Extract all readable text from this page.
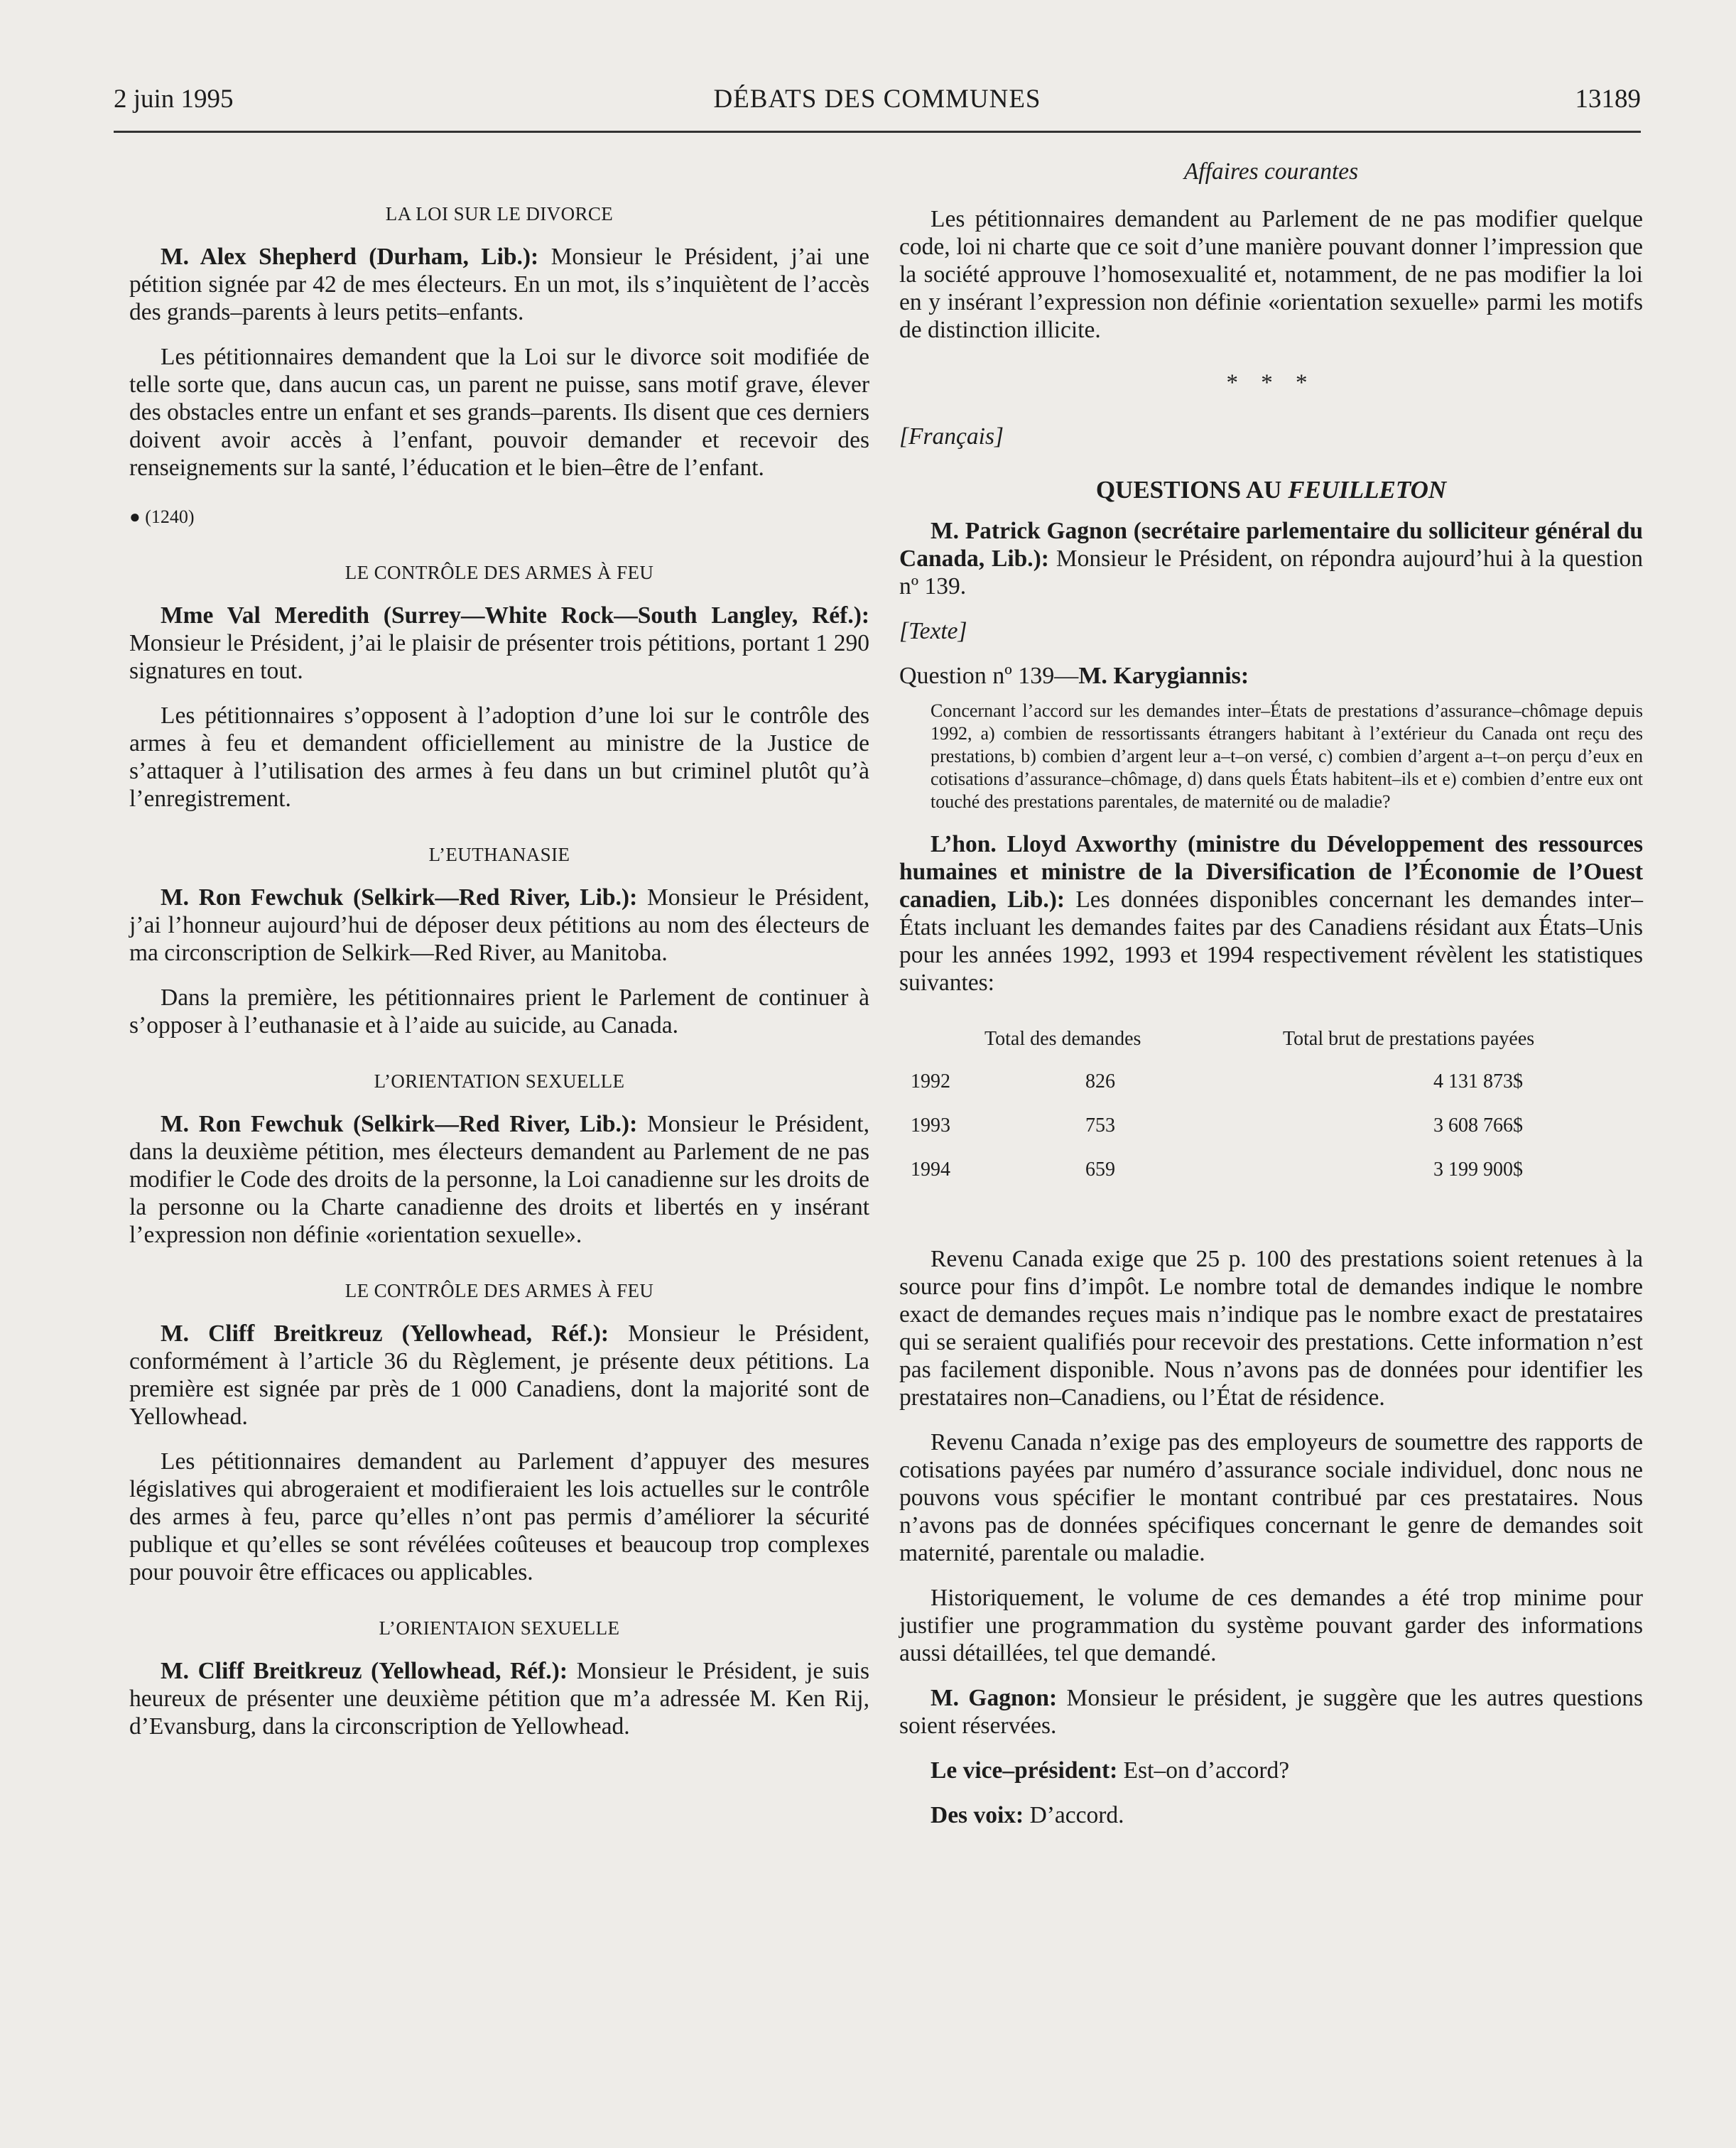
2 juin 1995	DÉBATS DES COMMUNES	13189
LA LOI SUR LE DIVORCE

M. Alex Shepherd (Durham, Lib.): Monsieur le Président, j’ai une pétition signée par 42 de mes électeurs. En un mot, ils s’inquiètent de l’accès des grands–parents à leurs petits–enfants.

Les pétitionnaires demandent que la Loi sur le divorce soit modifiée de telle sorte que, dans aucun cas, un parent ne puisse, sans motif grave, élever des obstacles entre un enfant et ses grands–parents. Ils disent que ces derniers doivent avoir accès à l’enfant, pouvoir demander et recevoir des renseignements sur la santé, l’éducation et le bien–être de l’enfant.

● (1240)

LE CONTRÔLE DES ARMES À FEU

Mme Val Meredith (Surrey—White Rock—South Langley, Réf.): Monsieur le Président, j’ai le plaisir de présenter trois pétitions, portant 1 290 signatures en tout.

Les pétitionnaires s’opposent à l’adoption d’une loi sur le contrôle des armes à feu et demandent officiellement au ministre de la Justice de s’attaquer à l’utilisation des armes à feu dans un but criminel plutôt qu’à l’enregistrement.

L’EUTHANASIE

M. Ron Fewchuk (Selkirk—Red River, Lib.): Monsieur le Président, j’ai l’honneur aujourd’hui de déposer deux pétitions au nom des électeurs de ma circonscription de Selkirk—Red River, au Manitoba.

Dans la première, les pétitionnaires prient le Parlement de continuer à s’opposer à l’euthanasie et à l’aide au suicide, au Canada.

L’ORIENTATION SEXUELLE

M. Ron Fewchuk (Selkirk—Red River, Lib.): Monsieur le Président, dans la deuxième pétition, mes électeurs demandent au Parlement de ne pas modifier le Code des droits de la personne, la Loi canadienne sur les droits de la personne ou la Charte canadienne des droits et libertés en y insérant l’expression non définie «orientation sexuelle».

LE CONTRÔLE DES ARMES À FEU

M. Cliff Breitkreuz (Yellowhead, Réf.): Monsieur le Président, conformément à l’article 36 du Règlement, je présente deux pétitions. La première est signée par près de 1 000 Canadiens, dont la majorité sont de Yellowhead.

Les pétitionnaires demandent au Parlement d’appuyer des mesures législatives qui abrogeraient et modifieraient les lois actuelles sur le contrôle des armes à feu, parce qu’elles n’ont pas permis d’améliorer la sécurité publique et qu’elles se sont révélées coûteuses et beaucoup trop complexes pour pouvoir être efficaces ou applicables.

L’ORIENTAION SEXUELLE

M. Cliff Breitkreuz (Yellowhead, Réf.): Monsieur le Président, je suis heureux de présenter une deuxième pétition que m’a adressée M. Ken Rij, d’Evansburg, dans la circonscription de Yellowhead.

Affaires courantes

Les pétitionnaires demandent au Parlement de ne pas modifier quelque code, loi ni charte que ce soit d’une manière pouvant donner l’impression que la société approuve l’homosexualité et, notamment, de ne pas modifier la loi en y insérant l’expression non définie «orientation sexuelle» parmi les motifs de distinction illicite.

* * *

[Français]

QUESTIONS AU FEUILLETON

M. Patrick Gagnon (secrétaire parlementaire du solliciteur général du Canada, Lib.): Monsieur le Président, on répondra aujourd’hui à la question nº 139.

[Texte]

Question nº 139—M. Karygiannis:

Concernant l’accord sur les demandes inter–États de prestations d’assurance–chômage depuis 1992, a) combien de ressortissants étrangers habitant à l’extérieur du Canada ont reçu des prestations, b) combien d’argent leur a–t–on versé, c) combien d’argent a–t–on perçu d’eux en cotisations d’assurance–chômage, d) dans quels États habitent–ils et e) combien d’entre eux ont touché des prestations parentales, de maternité ou de maladie?

L’hon. Lloyd Axworthy (ministre du Développement des ressources humaines et ministre de la Diversification de l’Économie de l’Ouest canadien, Lib.): Les données disponibles concernant les demandes inter–États incluant les demandes faites par des Canadiens résidant aux États–Unis pour les années 1992, 1993 et 1994 respectivement révèlent les statistiques suivantes:

Total des demandes	Total brut de prestations payées
1992	826	4 131 873$
1993	753	3 608 766$
1994	659	3 199 900$

Revenu Canada exige que 25 p. 100 des prestations soient retenues à la source pour fins d’impôt. Le nombre total de demandes indique le nombre exact de demandes reçues mais n’indique pas le nombre exact de prestataires qui se seraient qualifiés pour recevoir des prestations. Cette information n’est pas facilement disponible. Nous n’avons pas de données pour identifier les prestataires non–Canadiens, ou l’État de résidence.

Revenu Canada n’exige pas des employeurs de soumettre des rapports de cotisations payées par numéro d’assurance sociale individuel, donc nous ne pouvons vous spécifier le montant contribué par ces prestataires. Nous n’avons pas de données spécifiques concernant le genre de demandes soit maternité, parentale ou maladie.

Historiquement, le volume de ces demandes a été trop minime pour justifier une programmation du système pouvant garder des informations aussi détaillées, tel que demandé.

M. Gagnon: Monsieur le président, je suggère que les autres questions soient réservées.

Le vice–président: Est–on d’accord?

Des voix: D’accord.
